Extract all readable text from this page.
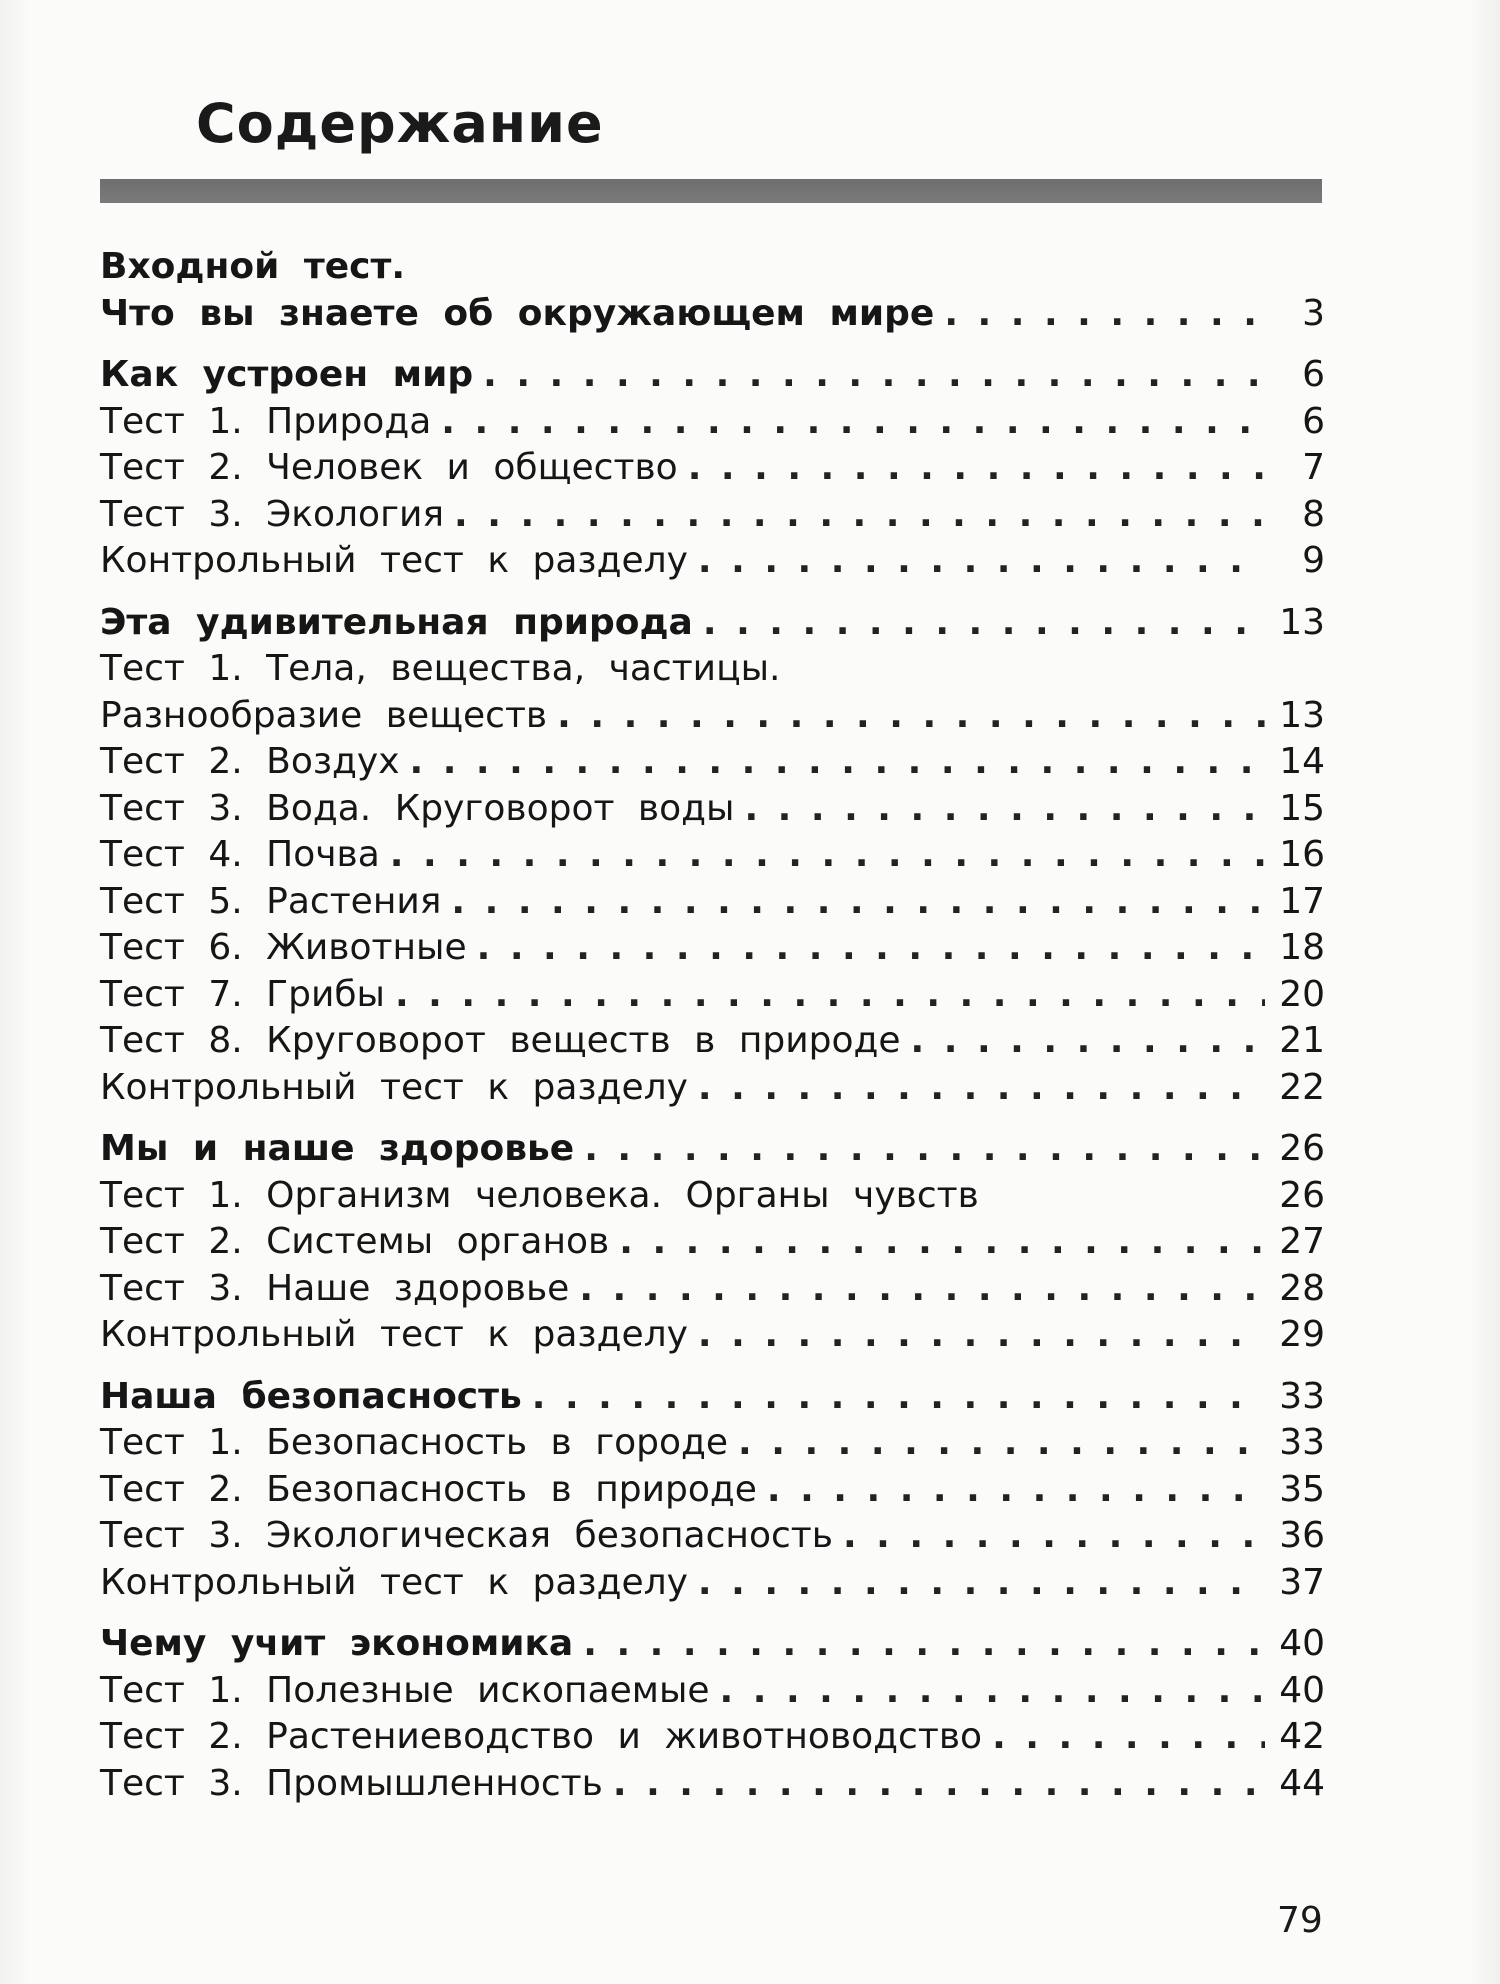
Содержание
Входной тест.
Что вы знаете об окружающем мире . . .	3
Как устроен мир . . .	6
Тест 1. Природа . . .	6
Тест 2. Человек и общество . . .	7
Тест 3. Экология . . .	8
Контрольный тест к разделу . . .	9
Эта удивительная природа . . .	13
Тест 1. Тела, вещества, частицы.
Разнообразие веществ . . .	13
Тест 2. Воздух . . .	14
Тест 3. Вода. Круговорот воды . . .	15
Тест 4. Почва . . .	16
Тест 5. Растения . . .	17
Тест 6. Животные . . .	18
Тест 7. Грибы . . .	20
Тест 8. Круговорот веществ в природе . . .	21
Контрольный тест к разделу . . .	22
Мы и наше здоровье . . .	26
Тест 1. Организм человека. Органы чувств	26
Тест 2. Системы органов . . .	27
Тест 3. Наше здоровье . . .	28
Контрольный тест к разделу . . .	29
Наша безопасность . . .	33
Тест 1. Безопасность в городе . . .	33
Тест 2. Безопасность в природе . . .	35
Тест 3. Экологическая безопасность . . .	36
Контрольный тест к разделу . . .	37
Чему учит экономика . . .	40
Тест 1. Полезные ископаемые . . .	40
Тест 2. Растениеводство и животноводство . . .	42
Тест 3. Промышленность . . .	44
79
